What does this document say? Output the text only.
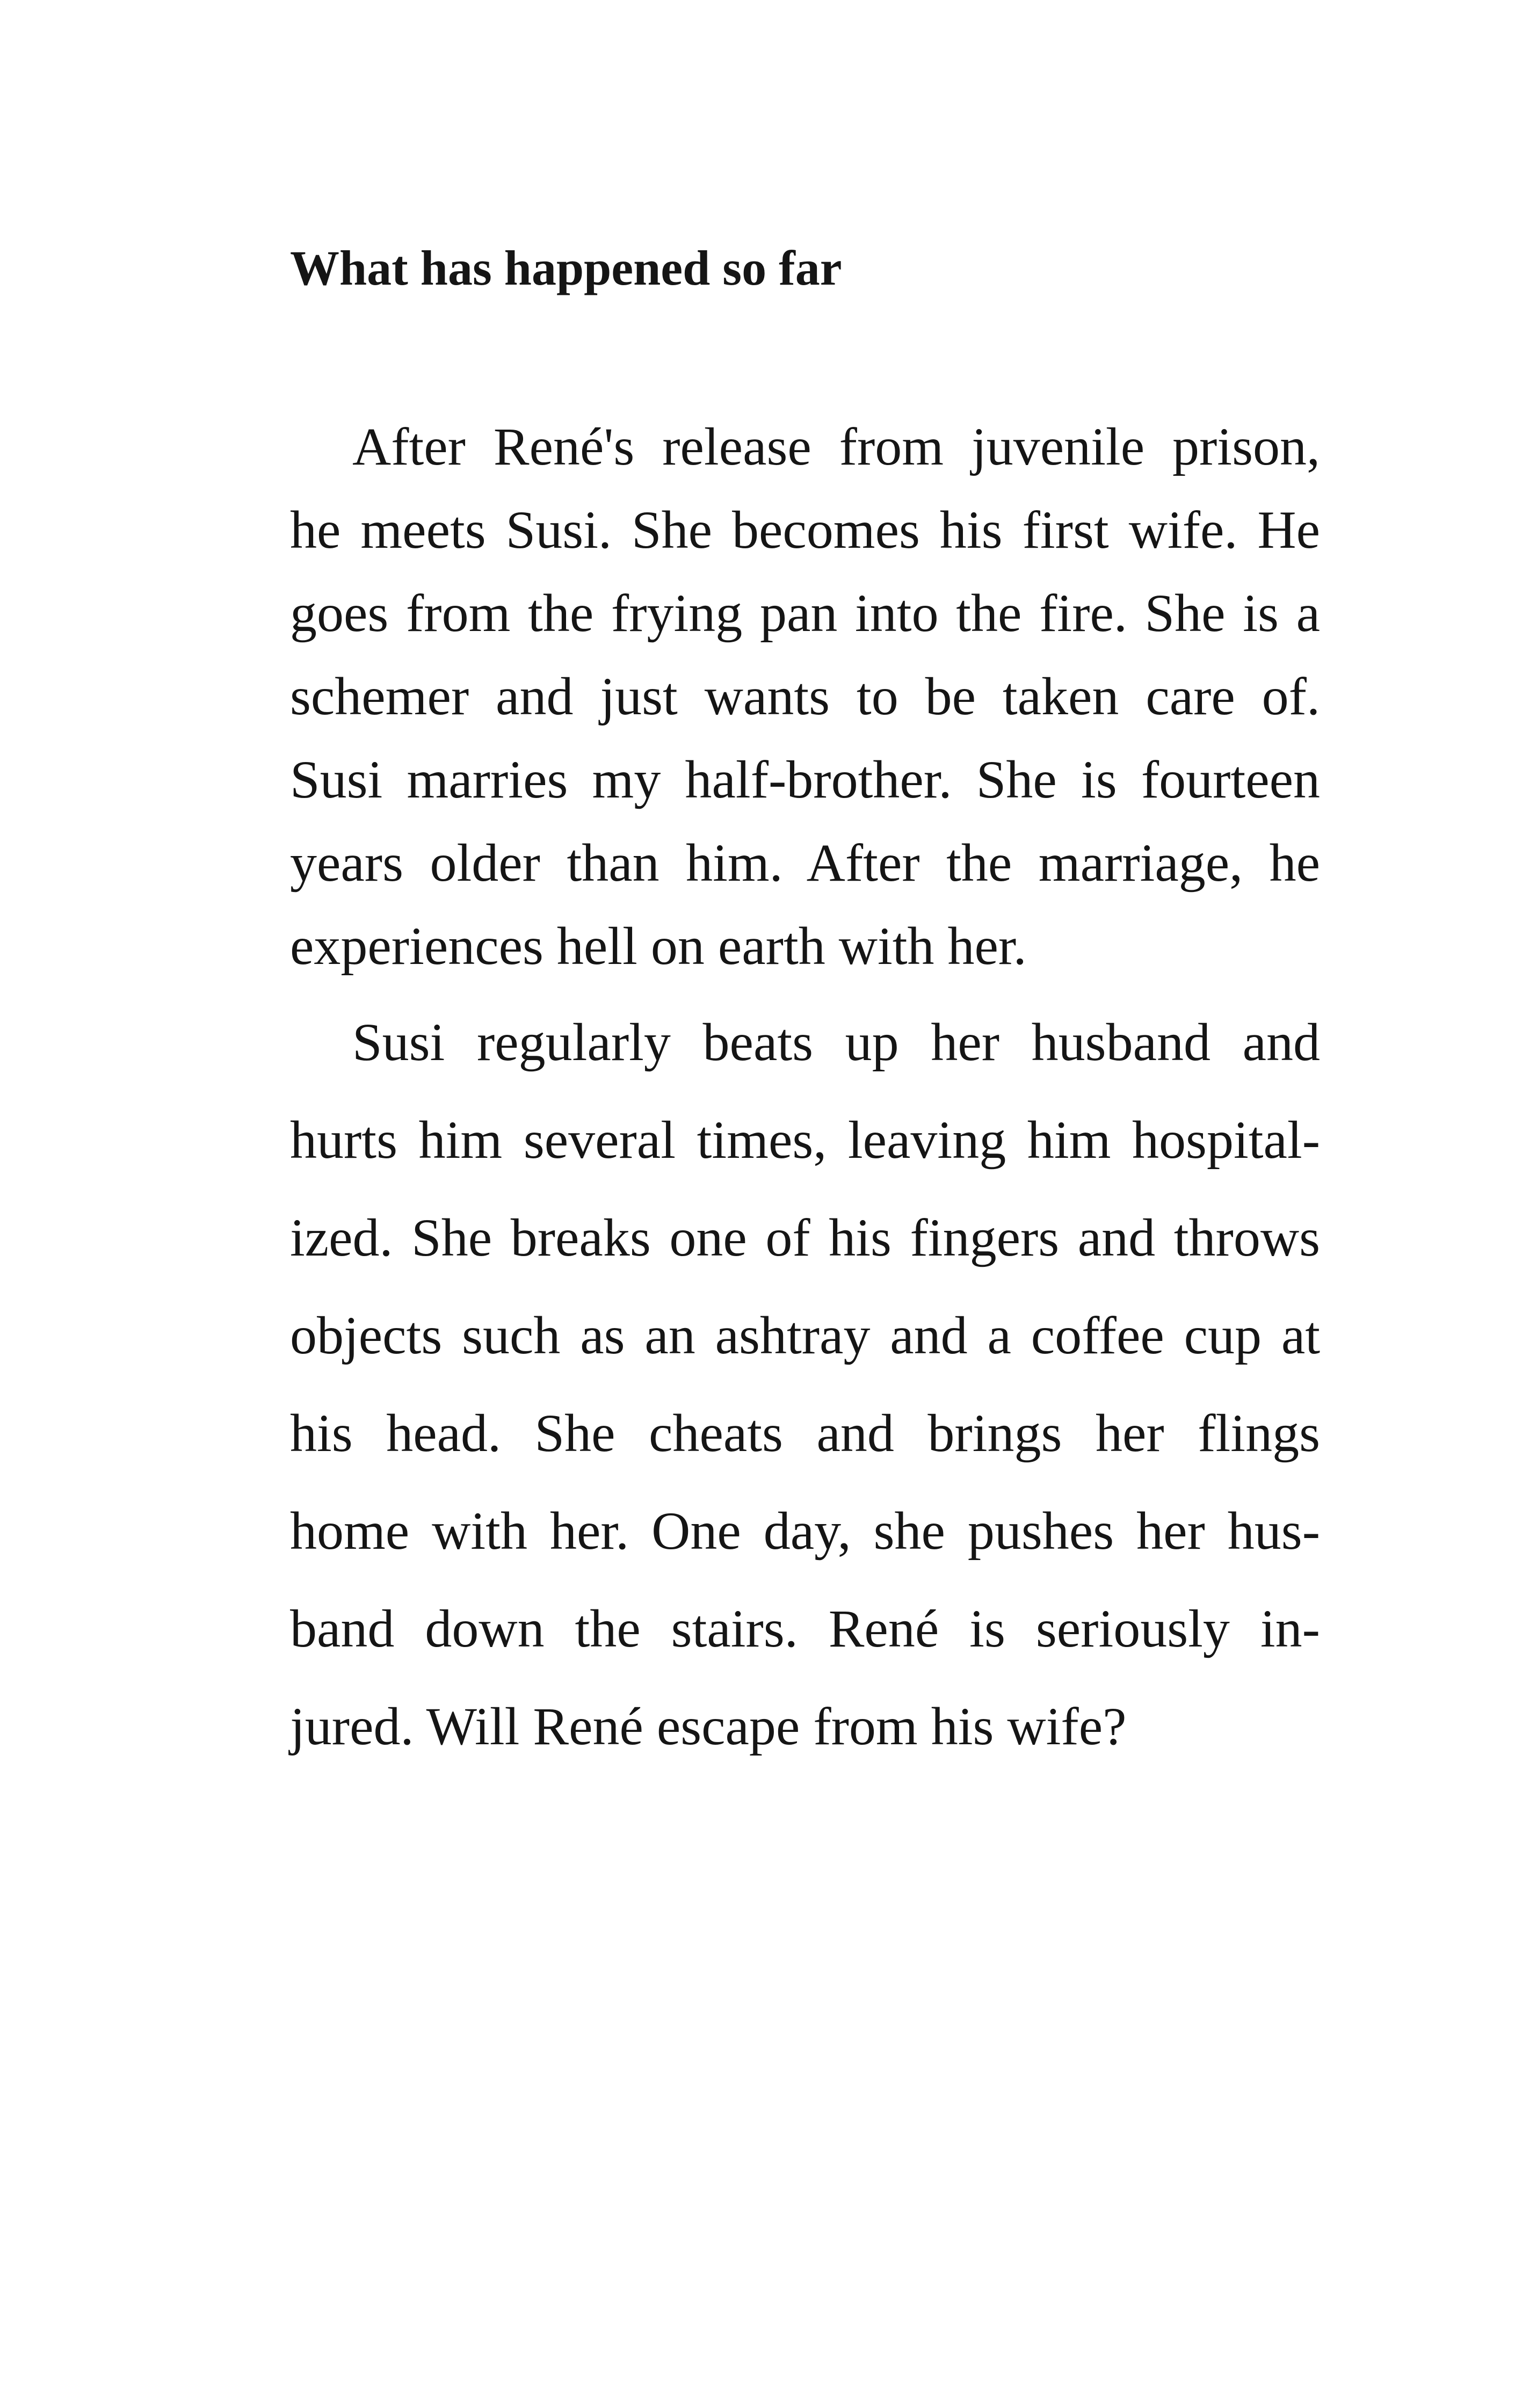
What has happened so far
After René's release from juvenile prison,
he meets Susi. She becomes his first wife. He
goes from the frying pan into the fire. She is a
schemer and just wants to be taken care of.
Susi marries my half-brother. She is fourteen
years older than him. After the marriage, he
experiences hell on earth with her.
Susi regularly beats up her husband and
hurts him several times, leaving him hospital-
ized. She breaks one of his fingers and throws
objects such as an ashtray and a coffee cup at
his head. She cheats and brings her flings
home with her. One day, she pushes her hus-
band down the stairs. René is seriously in-
jured. Will René escape from his wife?
